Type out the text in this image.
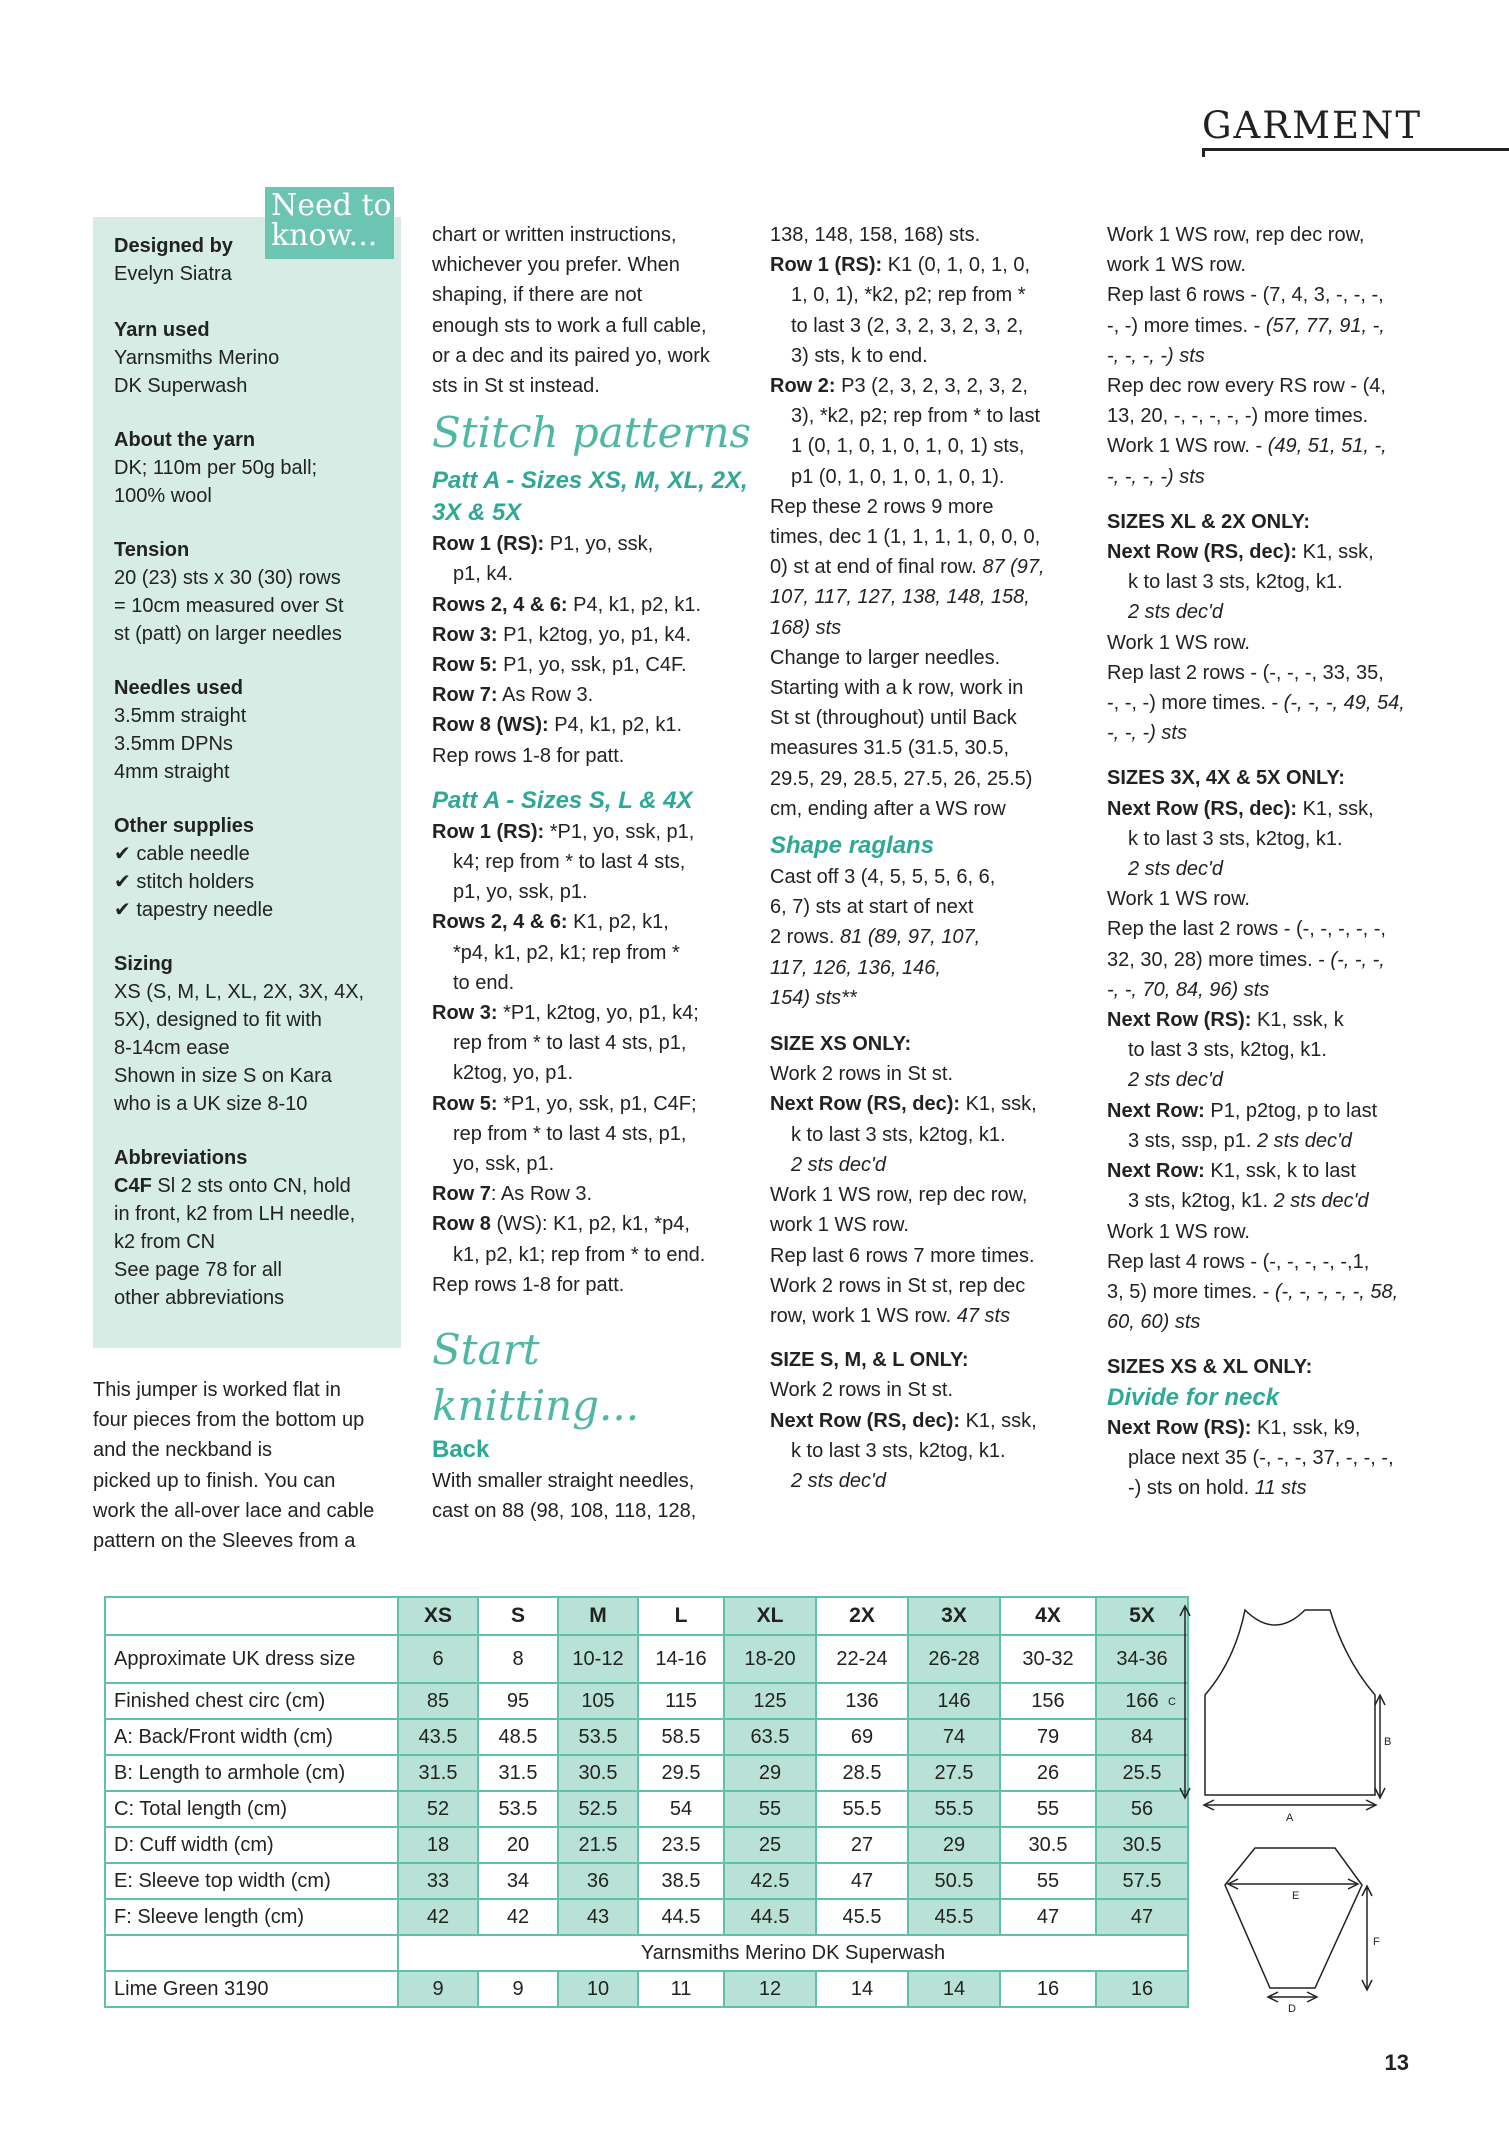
GARMENT
Need to know...
Designed by
Evelyn Siatra
Yarn used
Yarnsmiths Merino
DK Superwash
About the yarn
DK; 110m per 50g ball;
100% wool
Tension
20 (23) sts x 30 (30) rows
= 10cm measured over St
st (patt) on larger needles
Needles used
3.5mm straight
3.5mm DPNs
4mm straight
Other supplies
✔ cable needle
✔ stitch holders
✔ tapestry needle
Sizing
XS (S, M, L, XL, 2X, 3X, 4X,
5X), designed to fit with
8-14cm ease
Shown in size S on Kara
who is a UK size 8-10
Abbreviations
C4F Sl 2 sts onto CN, hold
in front, k2 from LH needle,
k2 from CN
See page 78 for all
other abbreviations

This jumper is worked flat in

four pieces from the bottom up

and the neckband is

picked up to finish. You can

work the all-over lace and cable

pattern on the Sleeves from a

chart or written instructions,

whichever you prefer. When

shaping, if there are not

enough sts to work a full cable,

or a dec and its paired yo, work

sts in St st instead.

Stitch patterns

Patt A - Sizes XS, M, XL, 2X, 3X & 5X

Row 1 (RS): P1, yo, ssk,

p1, k4.

Rows 2, 4 & 6: P4, k1, p2, k1.

Row 3: P1, k2tog, yo, p1, k4.

Row 5: P1, yo, ssk, p1, C4F.

Row 7: As Row 3.

Row 8 (WS): P4, k1, p2, k1.

Rep rows 1-8 for patt.

Patt A - Sizes S, L & 4X

Row 1 (RS): *P1, yo, ssk, p1,

k4; rep from * to last 4 sts,

p1, yo, ssk, p1.

Rows 2, 4 & 6: K1, p2, k1,

*p4, k1, p2, k1; rep from *

to end.

Row 3: *P1, k2tog, yo, p1, k4;

rep from * to last 4 sts, p1,

k2tog, yo, p1.

Row 5: *P1, yo, ssk, p1, C4F;

rep from * to last 4 sts, p1,

yo, ssk, p1.

Row 7: As Row 3.

Row 8 (WS): K1, p2, k1, *p4,

k1, p2, k1; rep from * to end.

Rep rows 1-8 for patt.

Start knitting...

Back

With smaller straight needles,

cast on 88 (98, 108, 118, 128,

138, 148, 158, 168) sts.

Row 1 (RS): K1 (0, 1, 0, 1, 0,

1, 0, 1), *k2, p2; rep from *

to last 3 (2, 3, 2, 3, 2, 3, 2,

3) sts, k to end.

Row 2: P3 (2, 3, 2, 3, 2, 3, 2,

3), *k2, p2; rep from * to last

1 (0, 1, 0, 1, 0, 1, 0, 1) sts,

p1 (0, 1, 0, 1, 0, 1, 0, 1).

Rep these 2 rows 9 more

times, dec 1 (1, 1, 1, 1, 0, 0, 0,

0) st at end of final row. 87 (97,

107, 117, 127, 138, 148, 158,

168) sts

Change to larger needles.

Starting with a k row, work in

St st (throughout) until Back

measures 31.5 (31.5, 30.5,

29.5, 29, 28.5, 27.5, 26, 25.5)

cm, ending after a WS row

Shape raglans

Cast off 3 (4, 5, 5, 5, 6, 6,

6, 7) sts at start of next

2 rows. 81 (89, 97, 107,

117, 126, 136, 146,

154) sts**

SIZE XS ONLY:

Work 2 rows in St st.

Next Row (RS, dec): K1, ssk,

k to last 3 sts, k2tog, k1.

2 sts dec'd

Work 1 WS row, rep dec row,

work 1 WS row.

Rep last 6 rows 7 more times.

Work 2 rows in St st, rep dec

row, work 1 WS row. 47 sts

SIZE S, M, & L ONLY:

Work 2 rows in St st.

Next Row (RS, dec): K1, ssk,

k to last 3 sts, k2tog, k1.

2 sts dec'd

Work 1 WS row, rep dec row,

work 1 WS row.

Rep last 6 rows - (7, 4, 3, -, -, -,

-, -) more times. - (57, 77, 91, -,

-, -, -, -) sts

Rep dec row every RS row - (4,

13, 20, -, -, -, -, -) more times.

Work 1 WS row. - (49, 51, 51, -,

-, -, -, -) sts

SIZES XL & 2X ONLY:

Next Row (RS, dec): K1, ssk,

k to last 3 sts, k2tog, k1.

2 sts dec'd

Work 1 WS row.

Rep last 2 rows - (-, -, -, 33, 35,

-, -, -) more times. - (-, -, -, 49, 54,

-, -, -) sts

SIZES 3X, 4X & 5X ONLY:

Next Row (RS, dec): K1, ssk,

k to last 3 sts, k2tog, k1.

2 sts dec'd

Work 1 WS row.

Rep the last 2 rows - (-, -, -, -, -,

32, 30, 28) more times. - (-, -, -,

-, -, 70, 84, 96) sts

Next Row (RS): K1, ssk, k

to last 3 sts, k2tog, k1.

2 sts dec'd

Next Row: P1, p2tog, p to last

3 sts, ssp, p1. 2 sts dec'd

Next Row: K1, ssk, k to last

3 sts, k2tog, k1. 2 sts dec'd

Work 1 WS row.

Rep last 4 rows - (-, -, -, -, -,1,

3, 5) more times. - (-, -, -, -, -, 58,

60, 60) sts

SIZES XS & XL ONLY:

Divide for neck

Next Row (RS): K1, ssk, k9,

place next 35 (-, -, -, 37, -, -, -,

-) sts on hold. 11 sts

	XS	S	M	L	XL	2X	3X	4X	5X
Approximate UK dress size	6	8	10-12	14-16	18-20	22-24	26-28	30-32	34-36
Finished chest circ (cm)	85	95	105	115	125	136	146	156	166
A: Back/Front width (cm)	43.5	48.5	53.5	58.5	63.5	69	74	79	84
B: Length to armhole (cm)	31.5	31.5	30.5	29.5	29	28.5	27.5	26	25.5
C: Total length (cm)	52	53.5	52.5	54	55	55.5	55.5	55	56
D: Cuff width (cm)	18	20	21.5	23.5	25	27	29	30.5	30.5
E: Sleeve top width (cm)	33	34	36	38.5	42.5	47	50.5	55	57.5
F: Sleeve length (cm)	42	42	43	44.5	44.5	45.5	45.5	47	47
	Yarnsmiths Merino DK Superwash								
Lime Green 3190	9	9	10	11	12	14	14	16	16
C
B
A
E
F
D
13
